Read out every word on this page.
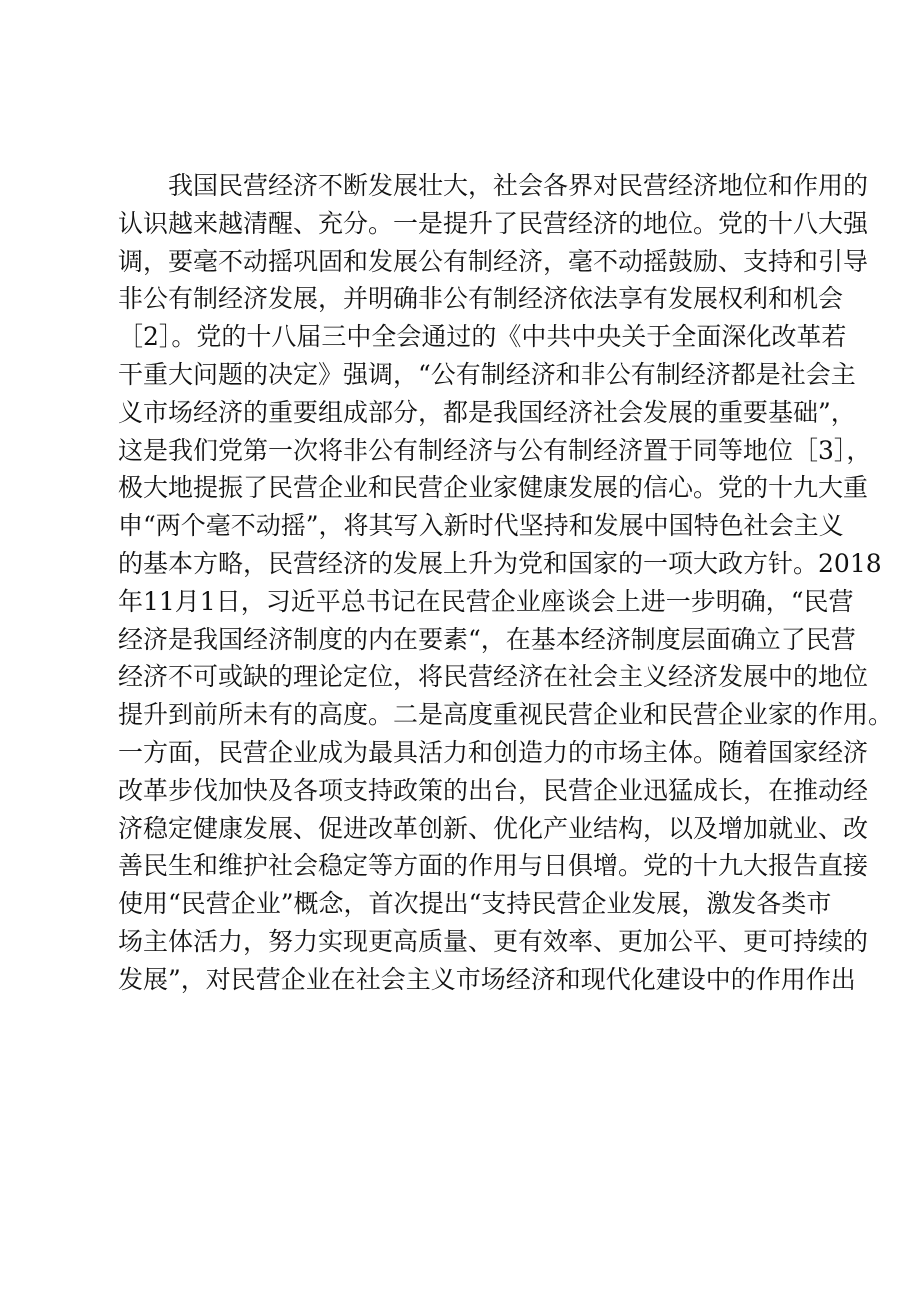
我国民营经济不断发展壮大，社会各界对民营经济地位和作用的
认识越来越清醒、充分。一是提升了民营经济的地位。党的十八大强
调，要毫不动摇巩固和发展公有制经济，毫不动摇鼓励、支持和引导
非公有制经济发展，并明确非公有制经济依法享有发展权利和机会
［2］。党的十八届三中全会通过的《中共中央关于全面深化改革若
干重大问题的决定》强调，“公有制经济和非公有制经济都是社会主
义市场经济的重要组成部分，都是我国经济社会发展的重要基础”，
这是我们党第一次将非公有制经济与公有制经济置于同等地位［3］，
极大地提振了民营企业和民营企业家健康发展的信心。党的十九大重
申“两个毫不动摇”，将其写入新时代坚持和发展中国特色社会主义
的基本方略，民营经济的发展上升为党和国家的一项大政方针。2018
年11月1日，习近平总书记在民营企业座谈会上进一步明确，“民营
经济是我国经济制度的内在要素“，在基本经济制度层面确立了民营
经济不可或缺的理论定位，将民营经济在社会主义经济发展中的地位
提升到前所未有的高度。二是高度重视民营企业和民营企业家的作用。
一方面，民营企业成为最具活力和创造力的市场主体。随着国家经济
改革步伐加快及各项支持政策的出台，民营企业迅猛成长，在推动经
济稳定健康发展、促进改革创新、优化产业结构，以及增加就业、改
善民生和维护社会稳定等方面的作用与日俱增。党的十九大报告直接
使用“民营企业”概念，首次提出“支持民营企业发展，激发各类市
场主体活力，努力实现更高质量、更有效率、更加公平、更可持续的
发展”，对民营企业在社会主义市场经济和现代化建设中的作用作出
